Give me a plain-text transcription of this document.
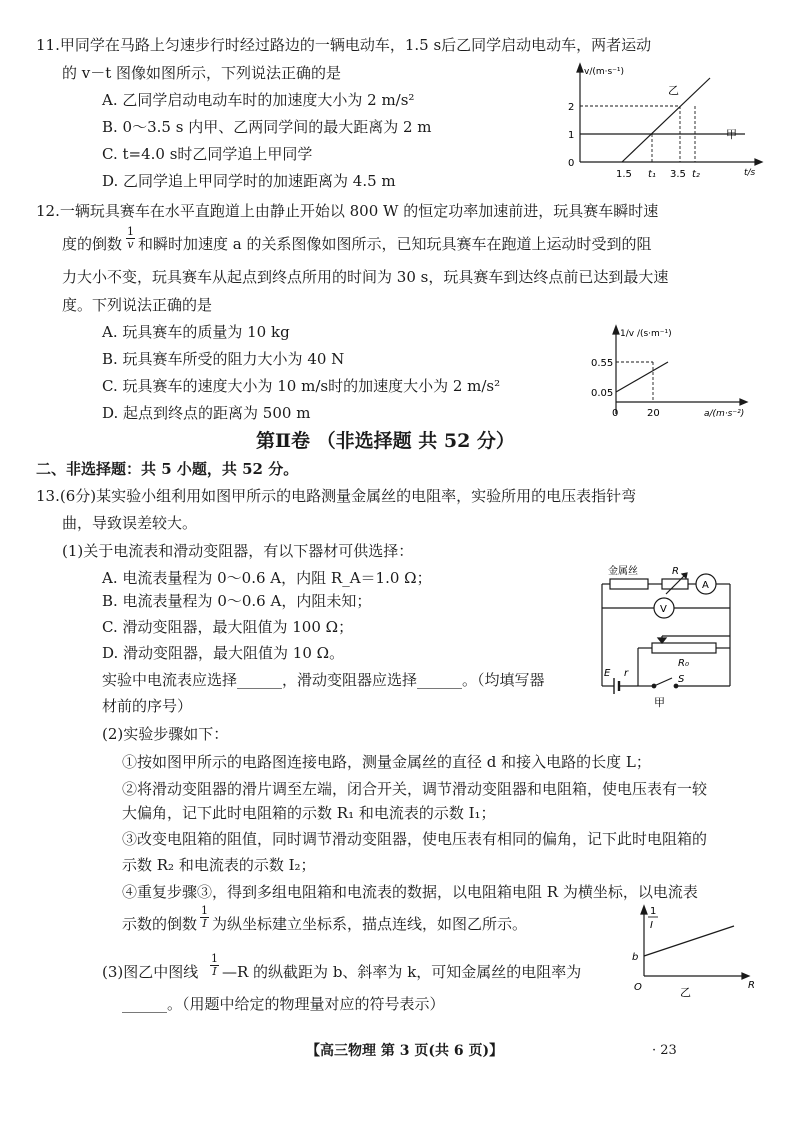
11.甲同学在马路上匀速步行时经过路边的一辆电动车，1.5 s后乙同学启动电动车，两者运动
的 v－t 图像如图所示，下列说法正确的是
A. 乙同学启动电动车时的加速度大小为 2 m/s²
B. 0～3.5 s 内甲、乙两同学间的最大距离为 2 m
C. t=4.0 s时乙同学追上甲同学
D. 乙同学追上甲同学时的加速距离为 4.5 m
v/(m·s⁻¹)
t/s
2
1
0
1.5 t₁ 3.5 t₂
乙
甲
12.一辆玩具赛车在水平直跑道上由静止开始以 800 W 的恒定功率加速前进，玩具赛车瞬时速
度的倒数 $\frac{1}{v}$ 和瞬时加速度 a 的关系图像如图所示，已知玩具赛车在跑道上运动时受到的阻
力大小不变，玩具赛车从起点到终点所用的时间为 30 s，玩具赛车到达终点前已达到最大速
度。下列说法正确的是
A. 玩具赛车的质量为 10 kg
B. 玩具赛车所受的阻力大小为 40 N
C. 玩具赛车的速度大小为 10 m/s时的加速度大小为 2 m/s²
D. 起点到终点的距离为 500 m
1/v /(s·m⁻¹)
a/(m·s⁻²)
0.55
0.05
0	20
第Ⅱ卷 （非选择题 共 52 分）
二、非选择题：共 5 小题，共 52 分。
13.(6分)某实验小组利用如图甲所示的电路测量金属丝的电阻率，实验所用的电压表指针弯
曲，导致误差较大。
(1)关于电流表和滑动变阻器，有以下器材可供选择：
A. 电流表量程为 0～0.6 A，内阻 R_A＝1.0 Ω；
B. 电流表量程为 0～0.6 A，内阻未知；
C. 滑动变阻器，最大阻值为 100 Ω；
D. 滑动变阻器，最大阻值为 10 Ω。
实验中电流表应选择______，滑动变阻器应选择______。（均填写器
材前的序号）
金属丝	R
A
V
R₀
E r
S
甲
(2)实验步骤如下：
①按如图甲所示的电路图连接电路，测量金属丝的直径 d 和接入电路的长度 L；
②将滑动变阻器的滑片调至左端，闭合开关，调节滑动变阻器和电阻箱，使电压表有一较
大偏角，记下此时电阻箱的示数 R₁ 和电流表的示数 I₁；
③改变电阻箱的阻值，同时调节滑动变阻器，使电压表有相同的偏角，记下此时电阻箱的
示数 R₂ 和电流表的示数 I₂；
④重复步骤③，得到多组电阻箱和电流表的数据，以电阻箱电阻 R 为横坐标，以电流表
示数的倒数 $\frac{1}{I}$ 为纵坐标建立坐标系，描点连线，如图乙所示。
(3)图乙中图线 $\frac{1}{I}$ —R 的纵截距为 b、斜率为 k，可知金属丝的电阻率为
______。（用题中给定的物理量对应的符号表示）
1
I
b
O	R
乙
【高三物理 第 3 页(共 6 页)】	· 23
